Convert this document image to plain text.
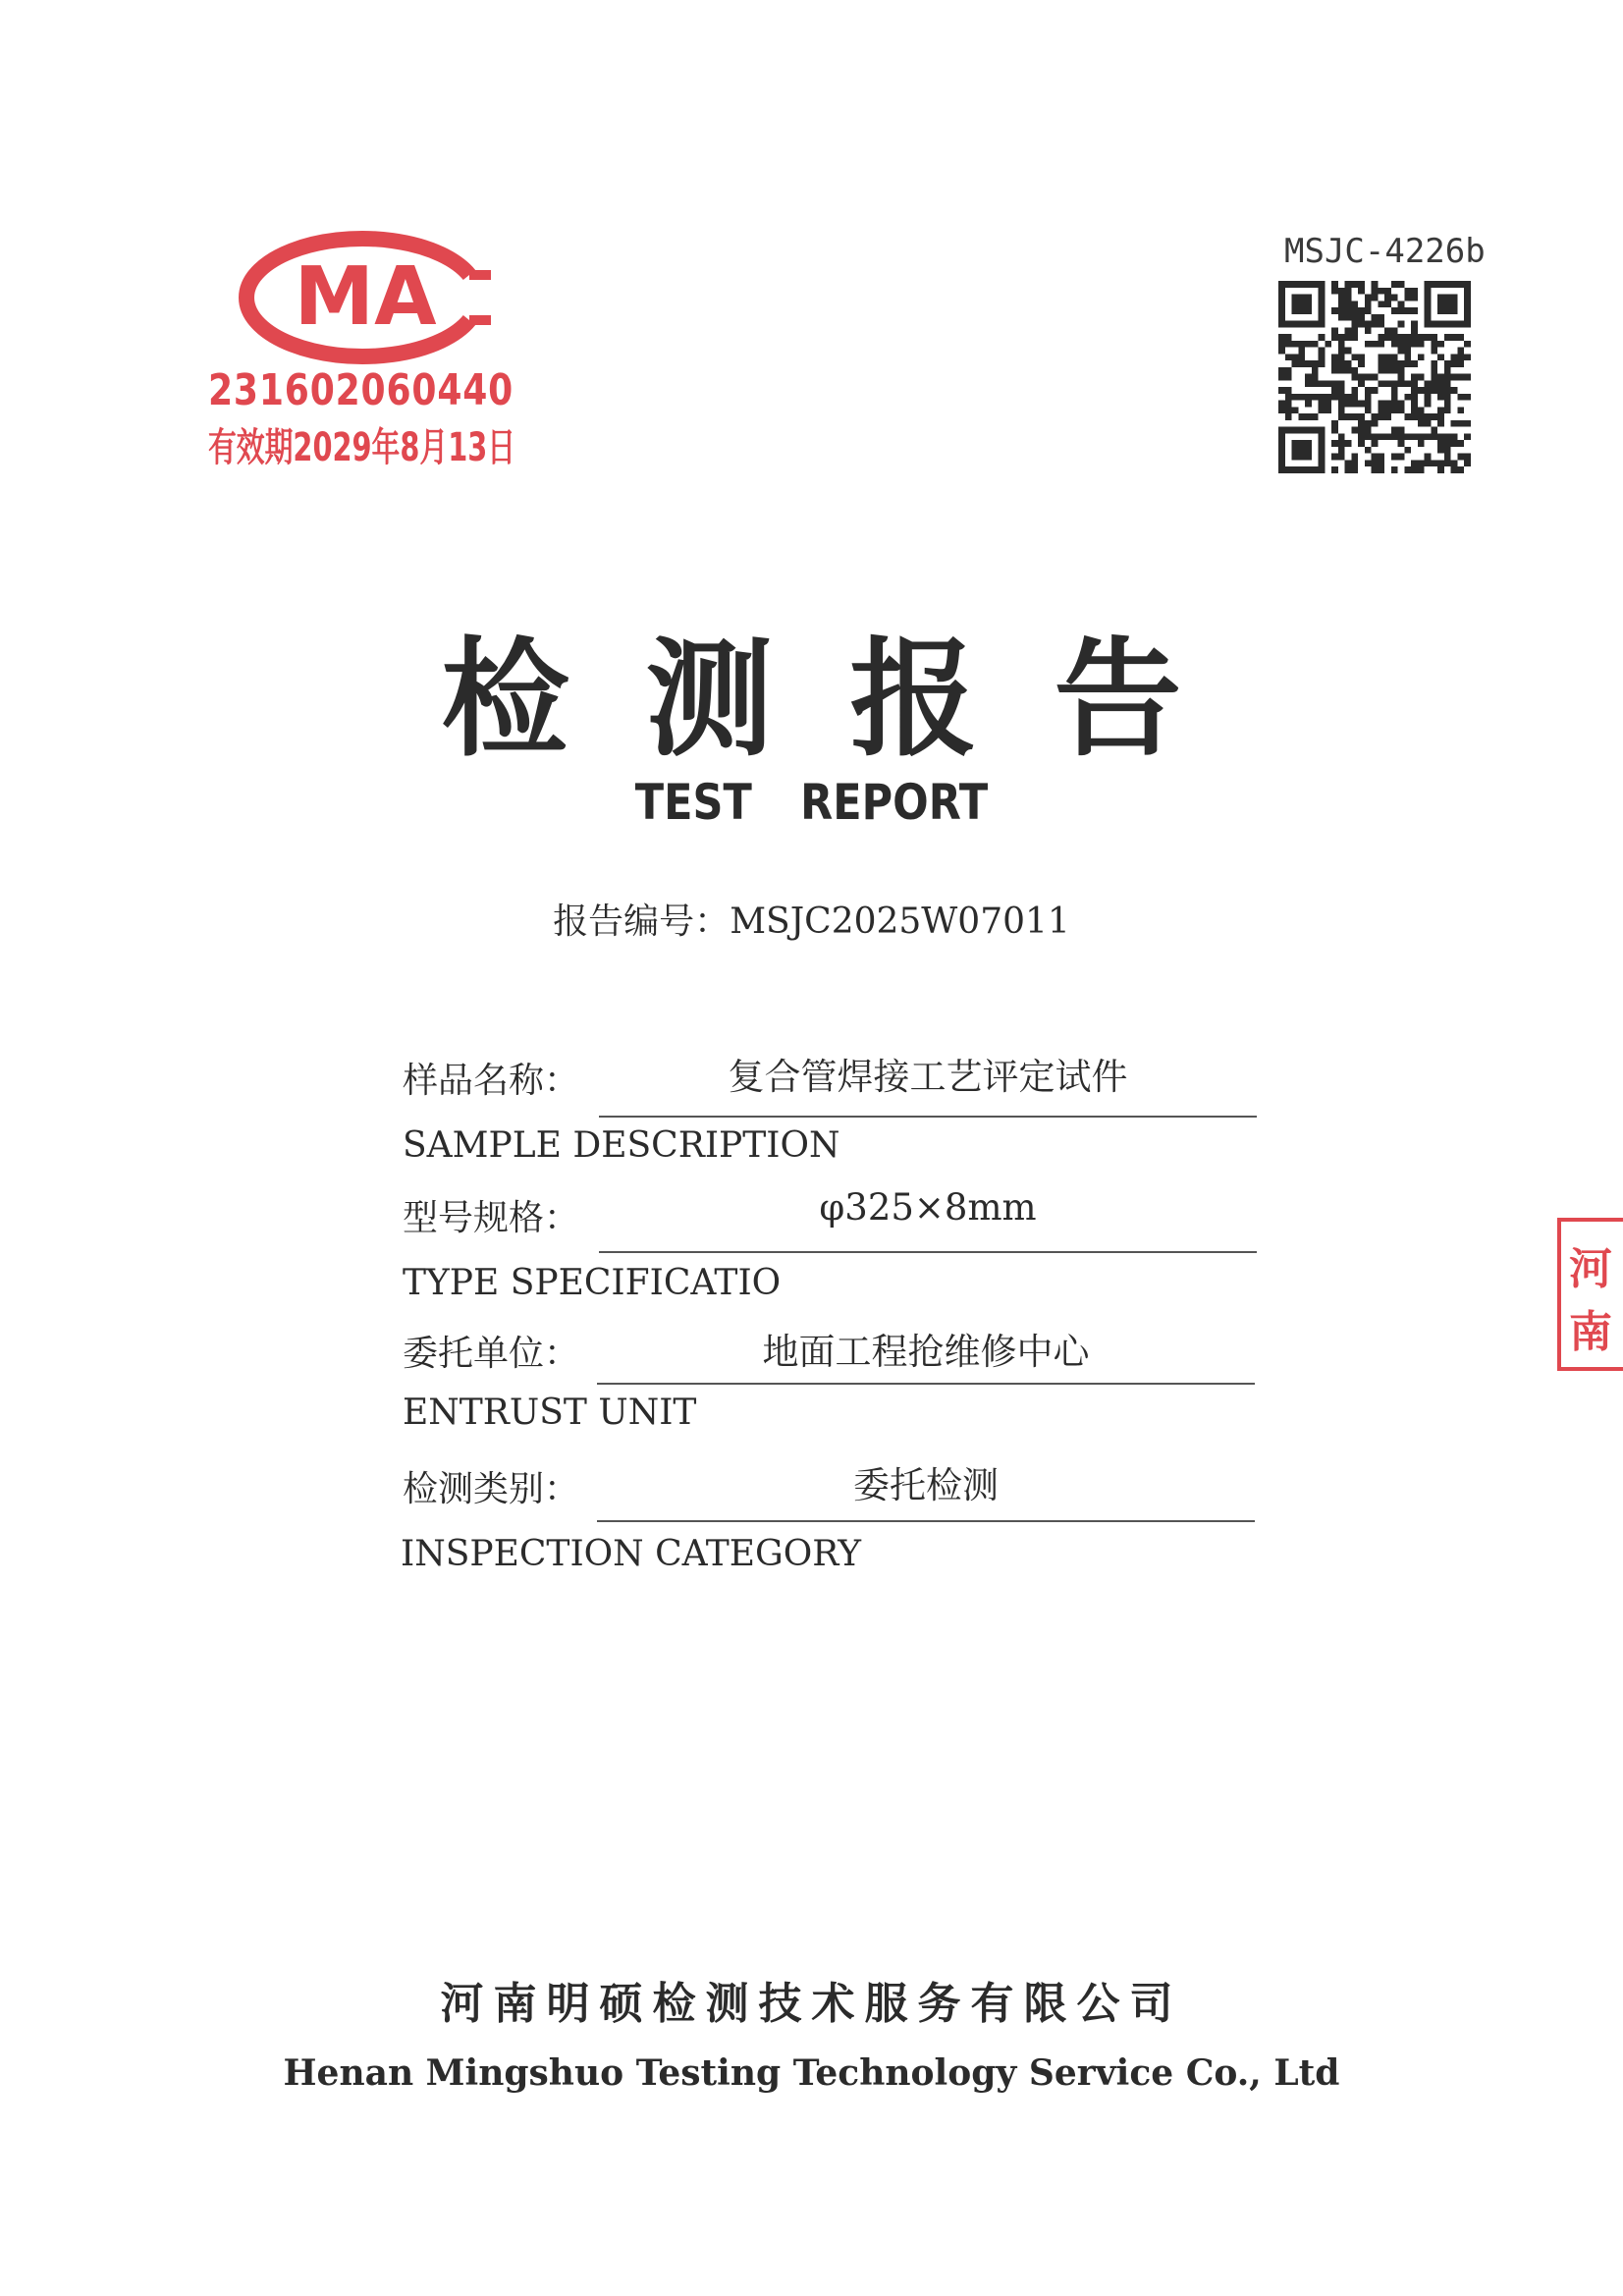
MA
231602060440
有效期2029年8月13日
MSJC-4226b
检测报告
TEST REPORT
报告编号：MSJC2025W07011
样品名称：	复合管焊接工艺评定试件
SAMPLE DESCRIPTION
型号规格：	φ325×8mm
TYPE SPECIFICATIO
委托单位：	地面工程抢维修中心
ENTRUST UNIT
检测类别：	委托检测
INSPECTION CATEGORY
河南明硕检测技术服务有限公司
Henan Mingshuo Testing Technology Service Co., Ltd
河南
